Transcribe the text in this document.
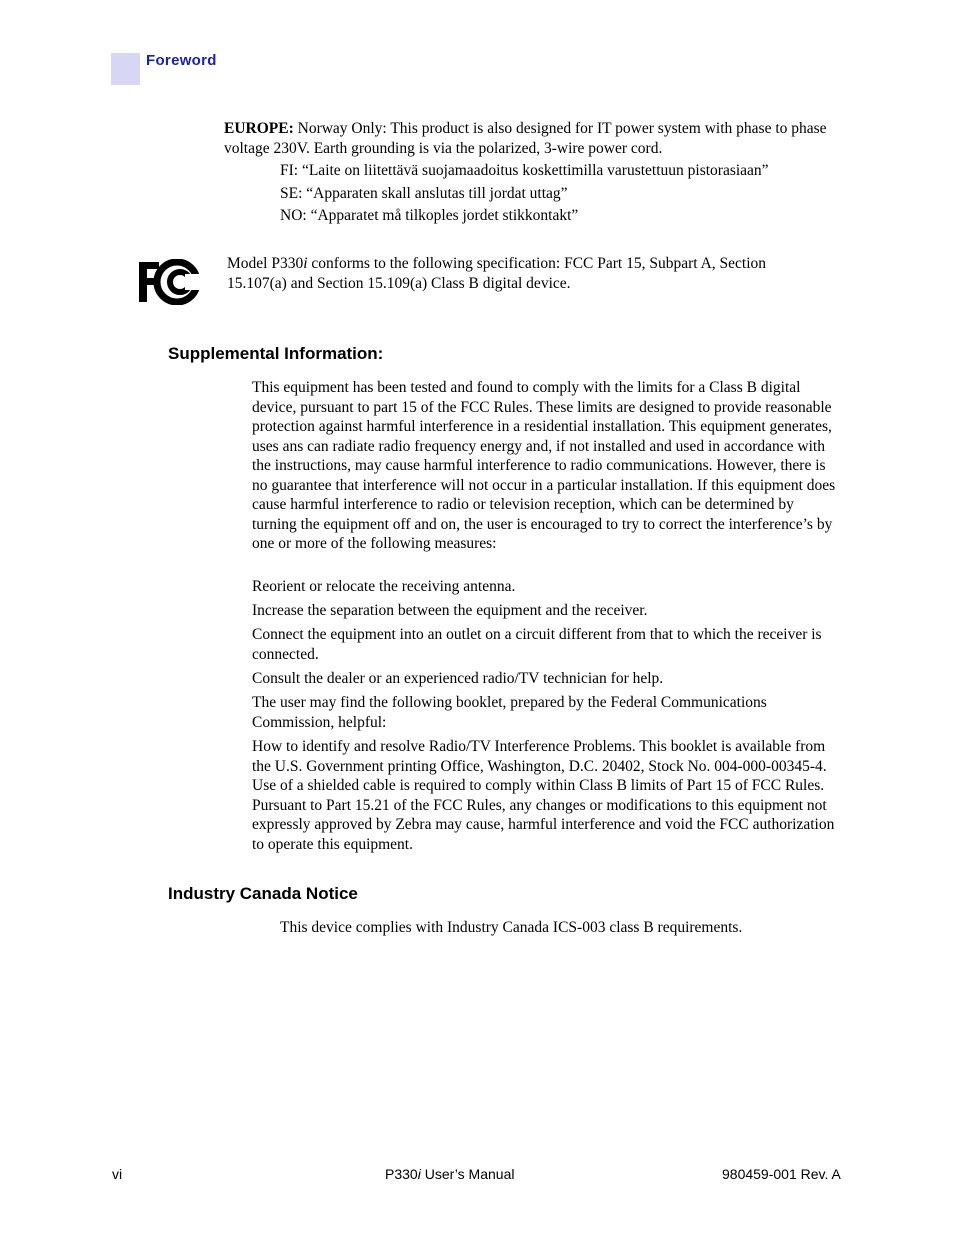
Foreword
EUROPE: Norway Only: This product is also designed for IT power system with phase to phase voltage 230V. Earth grounding is via the polarized, 3-wire power cord.
FI: “Laite on liitettävä suojamaadoitus koskettimilla varustettuun pistorasiaan”
SE: “Apparaten skall anslutas till jordat uttag”
NO: “Apparatet må tilkoples jordet stikkontakt”
FC	Model P330i conforms to the following specification: FCC Part 15, Subpart A, Section 15.107(a) and Section 15.109(a) Class B digital device.
Supplemental Information:
This equipment has been tested and found to comply with the limits for a Class B digital device, pursuant to part 15 of the FCC Rules. These limits are designed to provide reasonable protection against harmful interference in a residential installation. This equipment generates, uses ans can radiate radio frequency energy and, if not installed and used in accordance with the instructions, may cause harmful interference to radio communications. However, there is no guarantee that interference will not occur in a particular installation. If this equipment does cause harmful interference to radio or television reception, which can be determined by turning the equipment off and on, the user is encouraged to try to correct the interference’s by one or more of the following measures:
Reorient or relocate the receiving antenna.
Increase the separation between the equipment and the receiver.
Connect the equipment into an outlet on a circuit different from that to which the receiver is connected.
Consult the dealer or an experienced radio/TV technician for help.
The user may find the following booklet, prepared by the Federal Communications Commission, helpful:
How to identify and resolve Radio/TV Interference Problems. This booklet is available from the U.S. Government printing Office, Washington, D.C. 20402, Stock No. 004-000-00345-4. Use of a shielded cable is required to comply within Class B limits of Part 15 of FCC Rules. Pursuant to Part 15.21 of the FCC Rules, any changes or modifications to this equipment not expressly approved by Zebra may cause, harmful interference and void the FCC authorization to operate this equipment.
Industry Canada Notice
This device complies with Industry Canada ICS-003 class B requirements.
vi	P330i User’s Manual	980459-001 Rev. A
